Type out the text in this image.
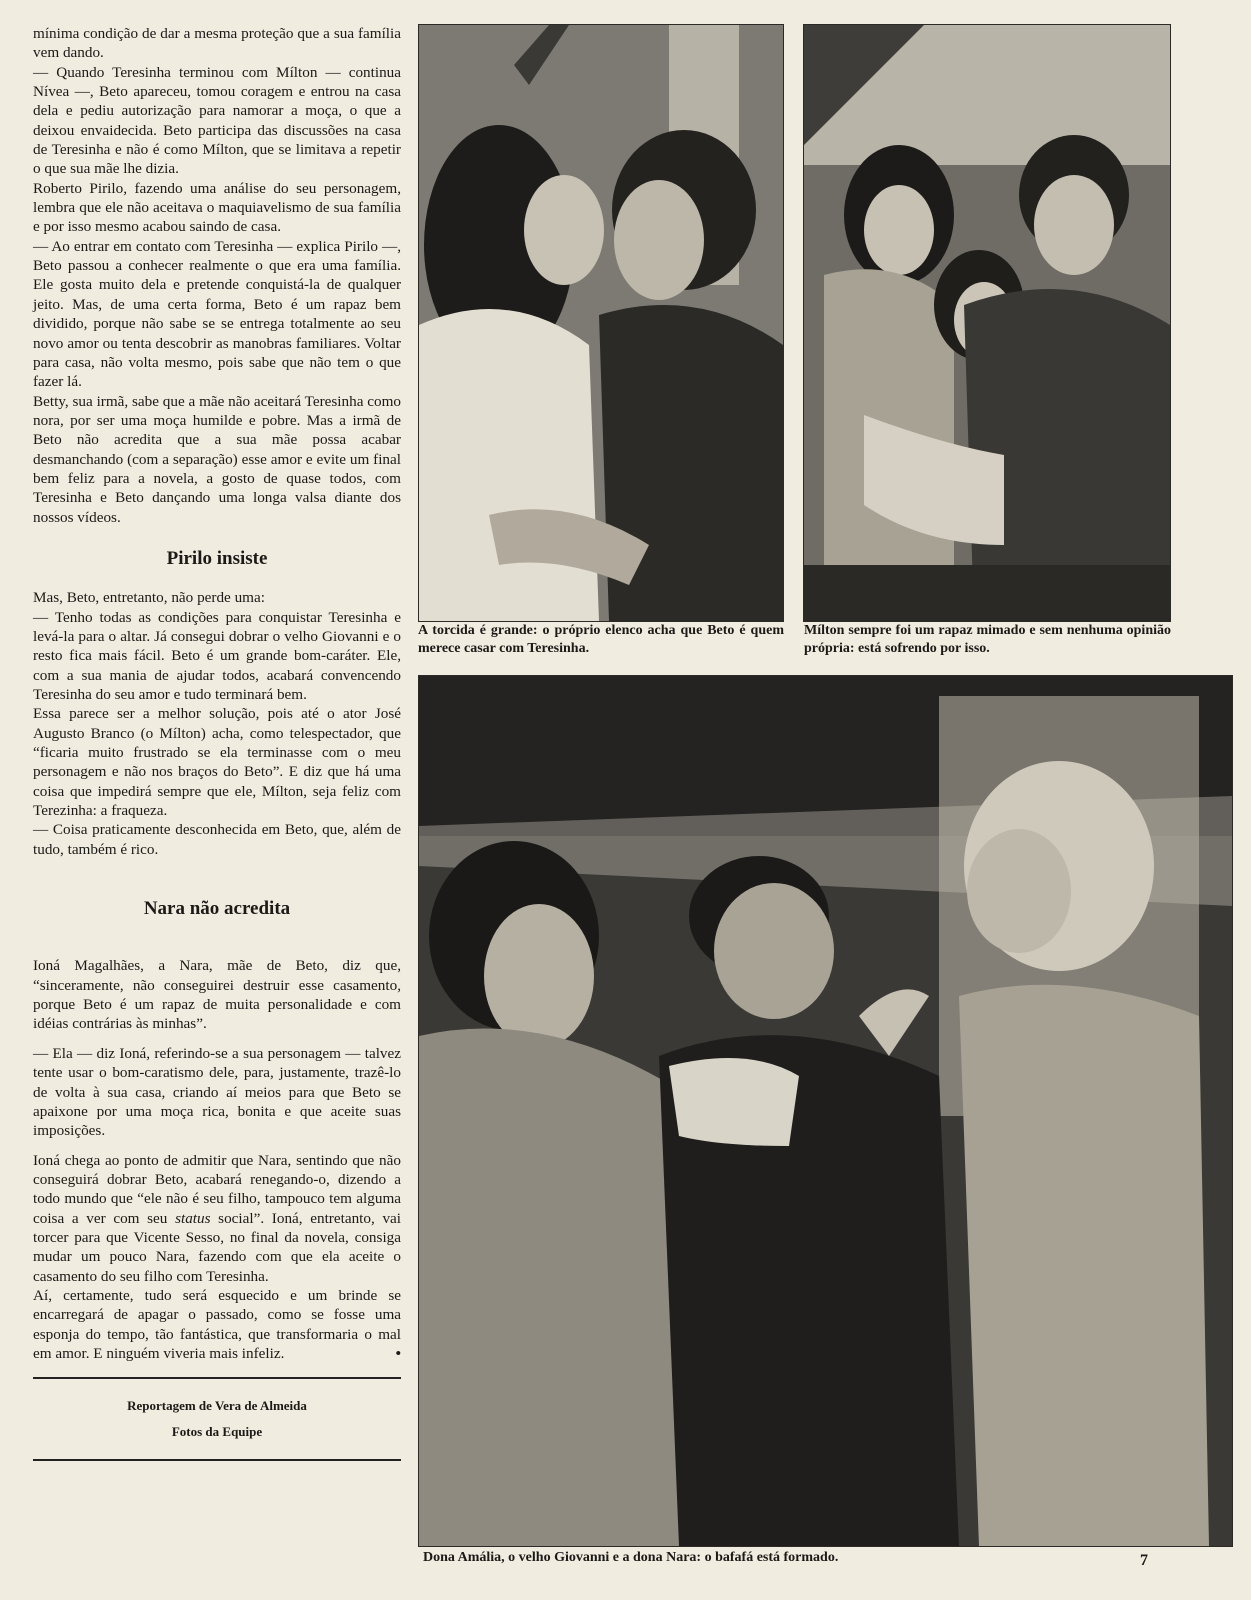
mínima condição de dar a mesma proteção que a sua família vem dando.

— Quando Teresinha terminou com Mílton — continua Nívea —, Beto apareceu, tomou coragem e entrou na casa dela e pediu autorização para namorar a moça, o que a deixou envaidecida. Beto participa das discussões na casa de Teresinha e não é como Mílton, que se limitava a repetir o que sua mãe lhe dizia.

Roberto Pirilo, fazendo uma análise do seu personagem, lembra que ele não aceitava o maquiavelismo de sua família e por isso mesmo acabou saindo de casa.

— Ao entrar em contato com Teresinha — explica Pirilo —, Beto passou a conhecer realmente o que era uma família. Ele gosta muito dela e pretende conquistá-la de qualquer jeito. Mas, de uma certa forma, Beto é um rapaz bem dividido, porque não sabe se se entrega totalmente ao seu novo amor ou tenta descobrir as manobras familiares. Voltar para casa, não volta mesmo, pois sabe que não tem o que fazer lá.

Betty, sua irmã, sabe que a mãe não aceitará Teresinha como nora, por ser uma moça humilde e pobre. Mas a irmã de Beto não acredita que a sua mãe possa acabar desmanchando (com a separação) esse amor e evite um final bem feliz para a novela, a gosto de quase todos, com Teresinha e Beto dançando uma longa valsa diante dos nossos vídeos.

Pirilo insiste

Mas, Beto, entretanto, não perde uma:

— Tenho todas as condições para conquistar Teresinha e levá-la para o altar. Já consegui dobrar o velho Giovanni e o resto fica mais fácil. Beto é um grande bom-caráter. Ele, com a sua mania de ajudar todos, acabará convencendo Teresinha do seu amor e tudo terminará bem.

Essa parece ser a melhor solução, pois até o ator José Augusto Branco (o Mílton) acha, como telespectador, que “ficaria muito frustrado se ela terminasse com o meu personagem e não nos braços do Beto”. E diz que há uma coisa que impedirá sempre que ele, Mílton, seja feliz com Terezinha: a fraqueza.

— Coisa praticamente desconhecida em Beto, que, além de tudo, também é rico.

Nara não acredita

Ioná Magalhães, a Nara, mãe de Beto, diz que, “sinceramente, não conseguirei destruir esse casamento, porque Beto é um rapaz de muita personalidade e com idéias contrárias às minhas”.

— Ela — diz Ioná, referindo-se a sua personagem — talvez tente usar o bom-caratismo dele, para, justamente, trazê-lo de volta à sua casa, criando aí meios para que Beto se apaixone por uma moça rica, bonita e que aceite suas imposições.

Ioná chega ao ponto de admitir que Nara, sentindo que não conseguirá dobrar Beto, acabará renegando-o, dizendo a todo mundo que “ele não é seu filho, tampouco tem alguma coisa a ver com seu status social”. Ioná, entretanto, vai torcer para que Vicente Sesso, no final da novela, consiga mudar um pouco Nara, fazendo com que ela aceite o casamento do seu filho com Teresinha.

Aí, certamente, tudo será esquecido e um brinde se encarregará de apagar o passado, como se fosse uma esponja do tempo, tão fantástica, que transformaria o mal em amor. E ninguém viveria mais infeliz.	•

Reportagem de Vera de Almeida
Fotos da Equipe
A torcida é grande: o próprio elenco acha que Beto é quem merece casar com Teresinha.
Mílton sempre foi um rapaz mimado e sem nenhuma opinião própria: está sofrendo por isso.
Dona Amália, o velho Giovanni e a dona Nara: o bafafá está formado.	7
